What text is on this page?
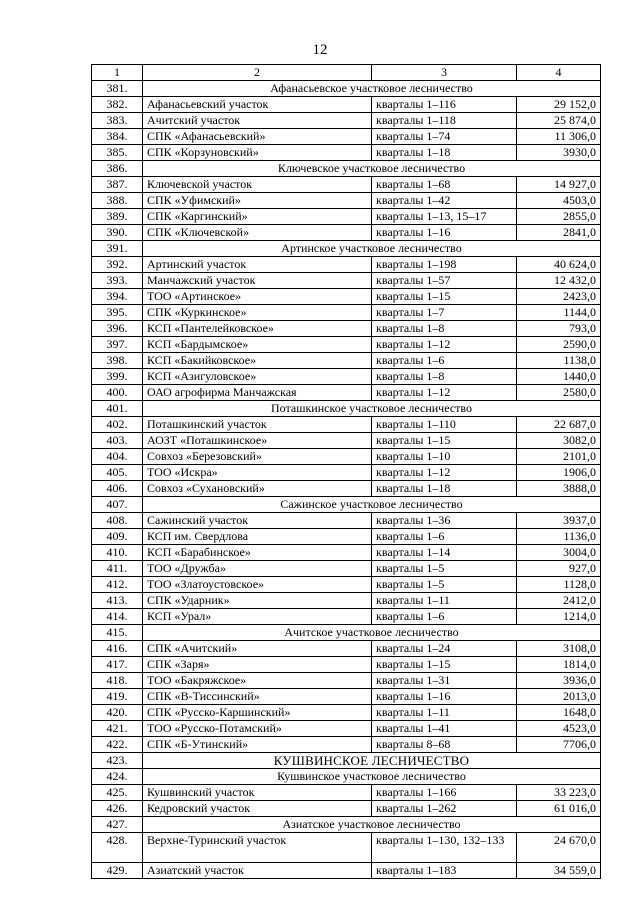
12
1	2	3	4
381.	Афанасьевское участковое лесничество		
382.	Афанасьевский участок	кварталы 1–116	29 152,0
383.	Ачитский участок	кварталы 1–118	25 874,0
384.	СПК «Афанасьевский»	кварталы 1–74	11 306,0
385.	СПК «Корзуновский»	кварталы 1–18	3930,0
386.	Ключевское участковое лесничество		
387.	Ключевской участок	кварталы 1–68	14 927,0
388.	СПК «Уфимский»	кварталы 1–42	4503,0
389.	СПК «Каргинский»	кварталы 1–13, 15–17	2855,0
390.	СПК «Ключевской»	кварталы 1–16	2841,0
391.	Артинское участковое лесничество		
392.	Артинский участок	кварталы 1–198	40 624,0
393.	Манчажский участок	кварталы 1–57	12 432,0
394.	ТОО «Артинское»	кварталы 1–15	2423,0
395.	СПК «Куркинское»	кварталы 1–7	1144,0
396.	КСП «Пантелейковское»	кварталы 1–8	793,0
397.	КСП «Бардымское»	кварталы 1–12	2590,0
398.	КСП «Бакийковское»	кварталы 1–6	1138,0
399.	КСП «Азигуловское»	кварталы 1–8	1440,0
400.	ОАО агрофирма Манчажская	кварталы 1–12	2580,0
401.	Поташкинское участковое лесничество		
402.	Поташкинский участок	кварталы 1–110	22 687,0
403.	АОЗТ «Поташкинское»	кварталы 1–15	3082,0
404.	Совхоз «Березовский»	кварталы 1–10	2101,0
405.	ТОО «Искра»	кварталы 1–12	1906,0
406.	Совхоз «Сухановский»	кварталы 1–18	3888,0
407.	Сажинское участковое лесничество		
408.	Сажинский участок	кварталы 1–36	3937,0
409.	КСП им. Свердлова	кварталы 1–6	1136,0
410.	КСП «Барабинское»	кварталы 1–14	3004,0
411.	ТОО «Дружба»	кварталы 1–5	927,0
412.	ТОО «Златоустовское»	кварталы 1–5	1128,0
413.	СПК «Ударник»	кварталы 1–11	2412,0
414.	КСП «Урал»	кварталы 1–6	1214,0
415.	Ачитское участковое лесничество		
416.	СПК «Ачитский»	кварталы 1–24	3108,0
417.	СПК «Заря»	кварталы 1–15	1814,0
418.	ТОО «Бакряжское»	кварталы 1–31	3936,0
419.	СПК «В-Тиссинский»	кварталы 1–16	2013,0
420.	СПК «Русско-Каршинский»	кварталы 1–11	1648,0
421.	ТОО «Русско-Потамский»	кварталы 1–41	4523,0
422.	СПК «Б-Утинский»	кварталы 8–68	7706,0
423.	КУШВИНСКОЕ ЛЕСНИЧЕСТВО		
424.	Кушвинское участковое лесничество		
425.	Кушвинский участок	кварталы 1–166	33 223,0
426.	Кедровский участок	кварталы 1–262	61 016,0
427.	Азиатское участковое лесничество		
428.	Верхне-Туринский участок	кварталы 1–130, 132–133	24 670,0
429.	Азиатский участок	кварталы 1–183	34 559,0
